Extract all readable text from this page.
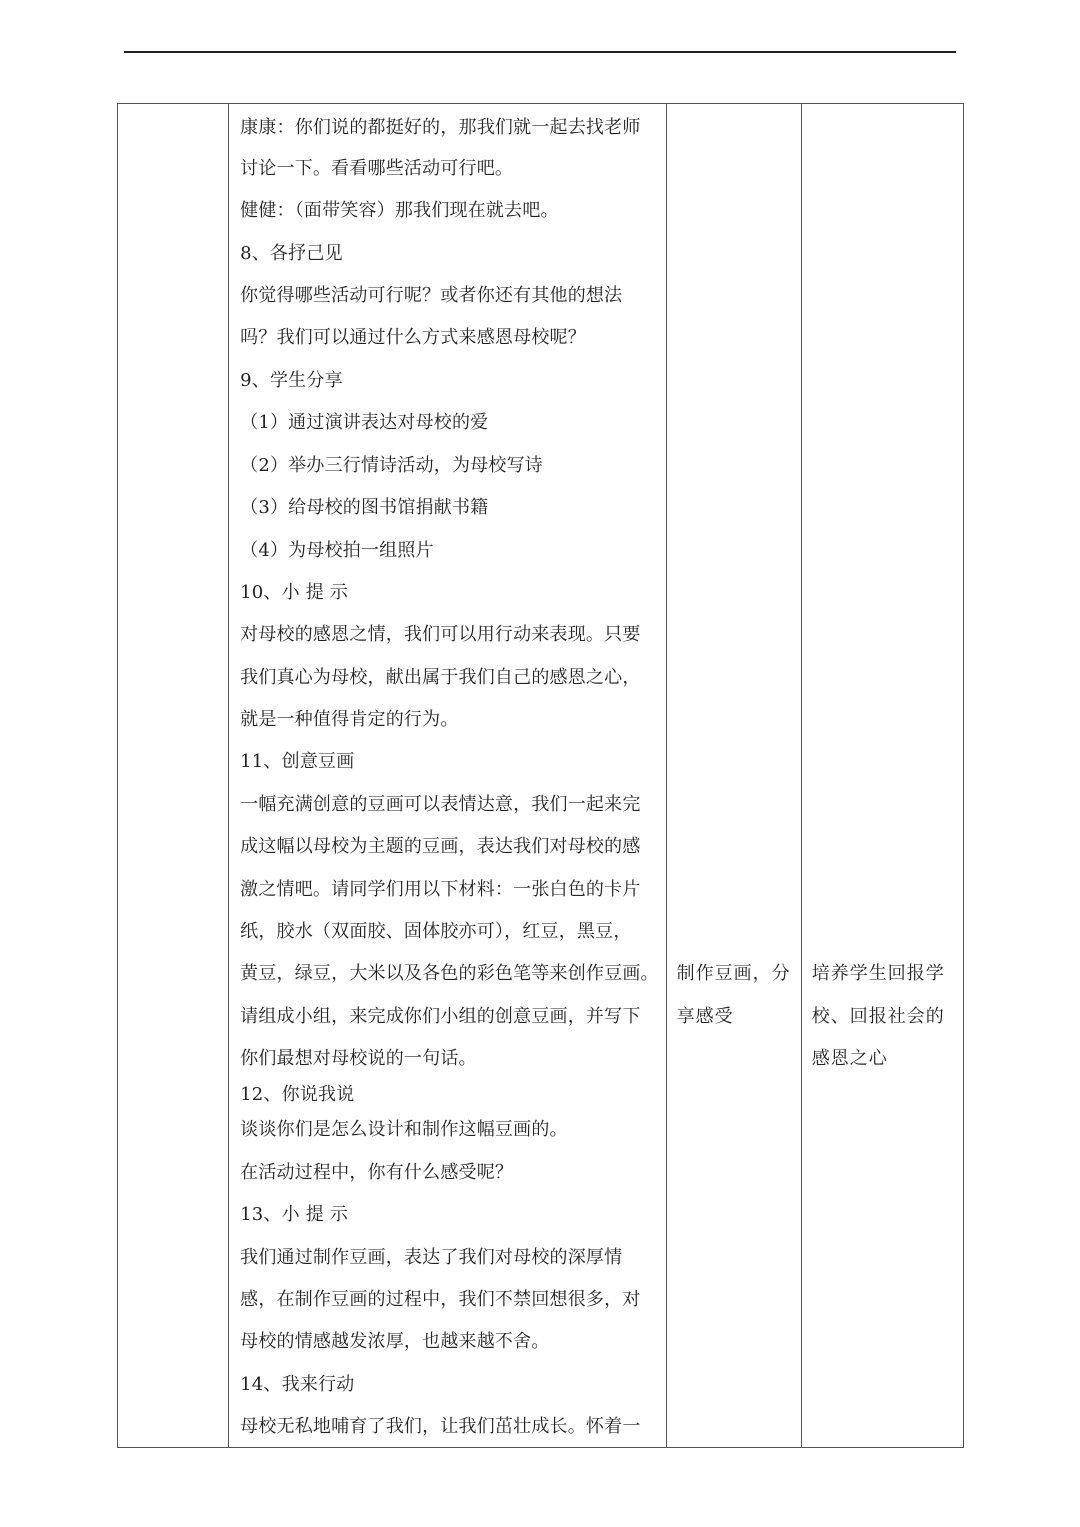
康康：你们说的都挺好的，那我们就一起去找老师
讨论一下。看看哪些活动可行吧。
健健：（面带笑容）那我们现在就去吧。
8、各抒己见
你觉得哪些活动可行呢？或者你还有其他的想法
吗？我们可以通过什么方式来感恩母校呢？
9、学生分享
（1）通过演讲表达对母校的爱
（2）举办三行情诗活动，为母校写诗
（3）给母校的图书馆捐献书籍
（4）为母校拍一组照片
10、小 提 示
对母校的感恩之情，我们可以用行动来表现。只要
我们真心为母校，献出属于我们自己的感恩之心，
就是一种值得肯定的行为。
11、创意豆画
一幅充满创意的豆画可以表情达意，我们一起来完
成这幅以母校为主题的豆画，表达我们对母校的感
激之情吧。请同学们用以下材料：一张白色的卡片
纸，胶水（双面胶、固体胶亦可），红豆，黑豆，
黄豆，绿豆，大米以及各色的彩色笔等来创作豆画。
请组成小组，来完成你们小组的创意豆画，并写下
你们最想对母校说的一句话。
12、你说我说
谈谈你们是怎么设计和制作这幅豆画的。
在活动过程中，你有什么感受呢？
13、小 提 示
我们通过制作豆画，表达了我们对母校的深厚情
感，在制作豆画的过程中，我们不禁回想很多，对
母校的情感越发浓厚，也越来越不舍。
14、我来行动
母校无私地哺育了我们，让我们茁壮成长。怀着一

制作豆画，分
享感受

培养学生回报学
校、回报社会的
感恩之心
